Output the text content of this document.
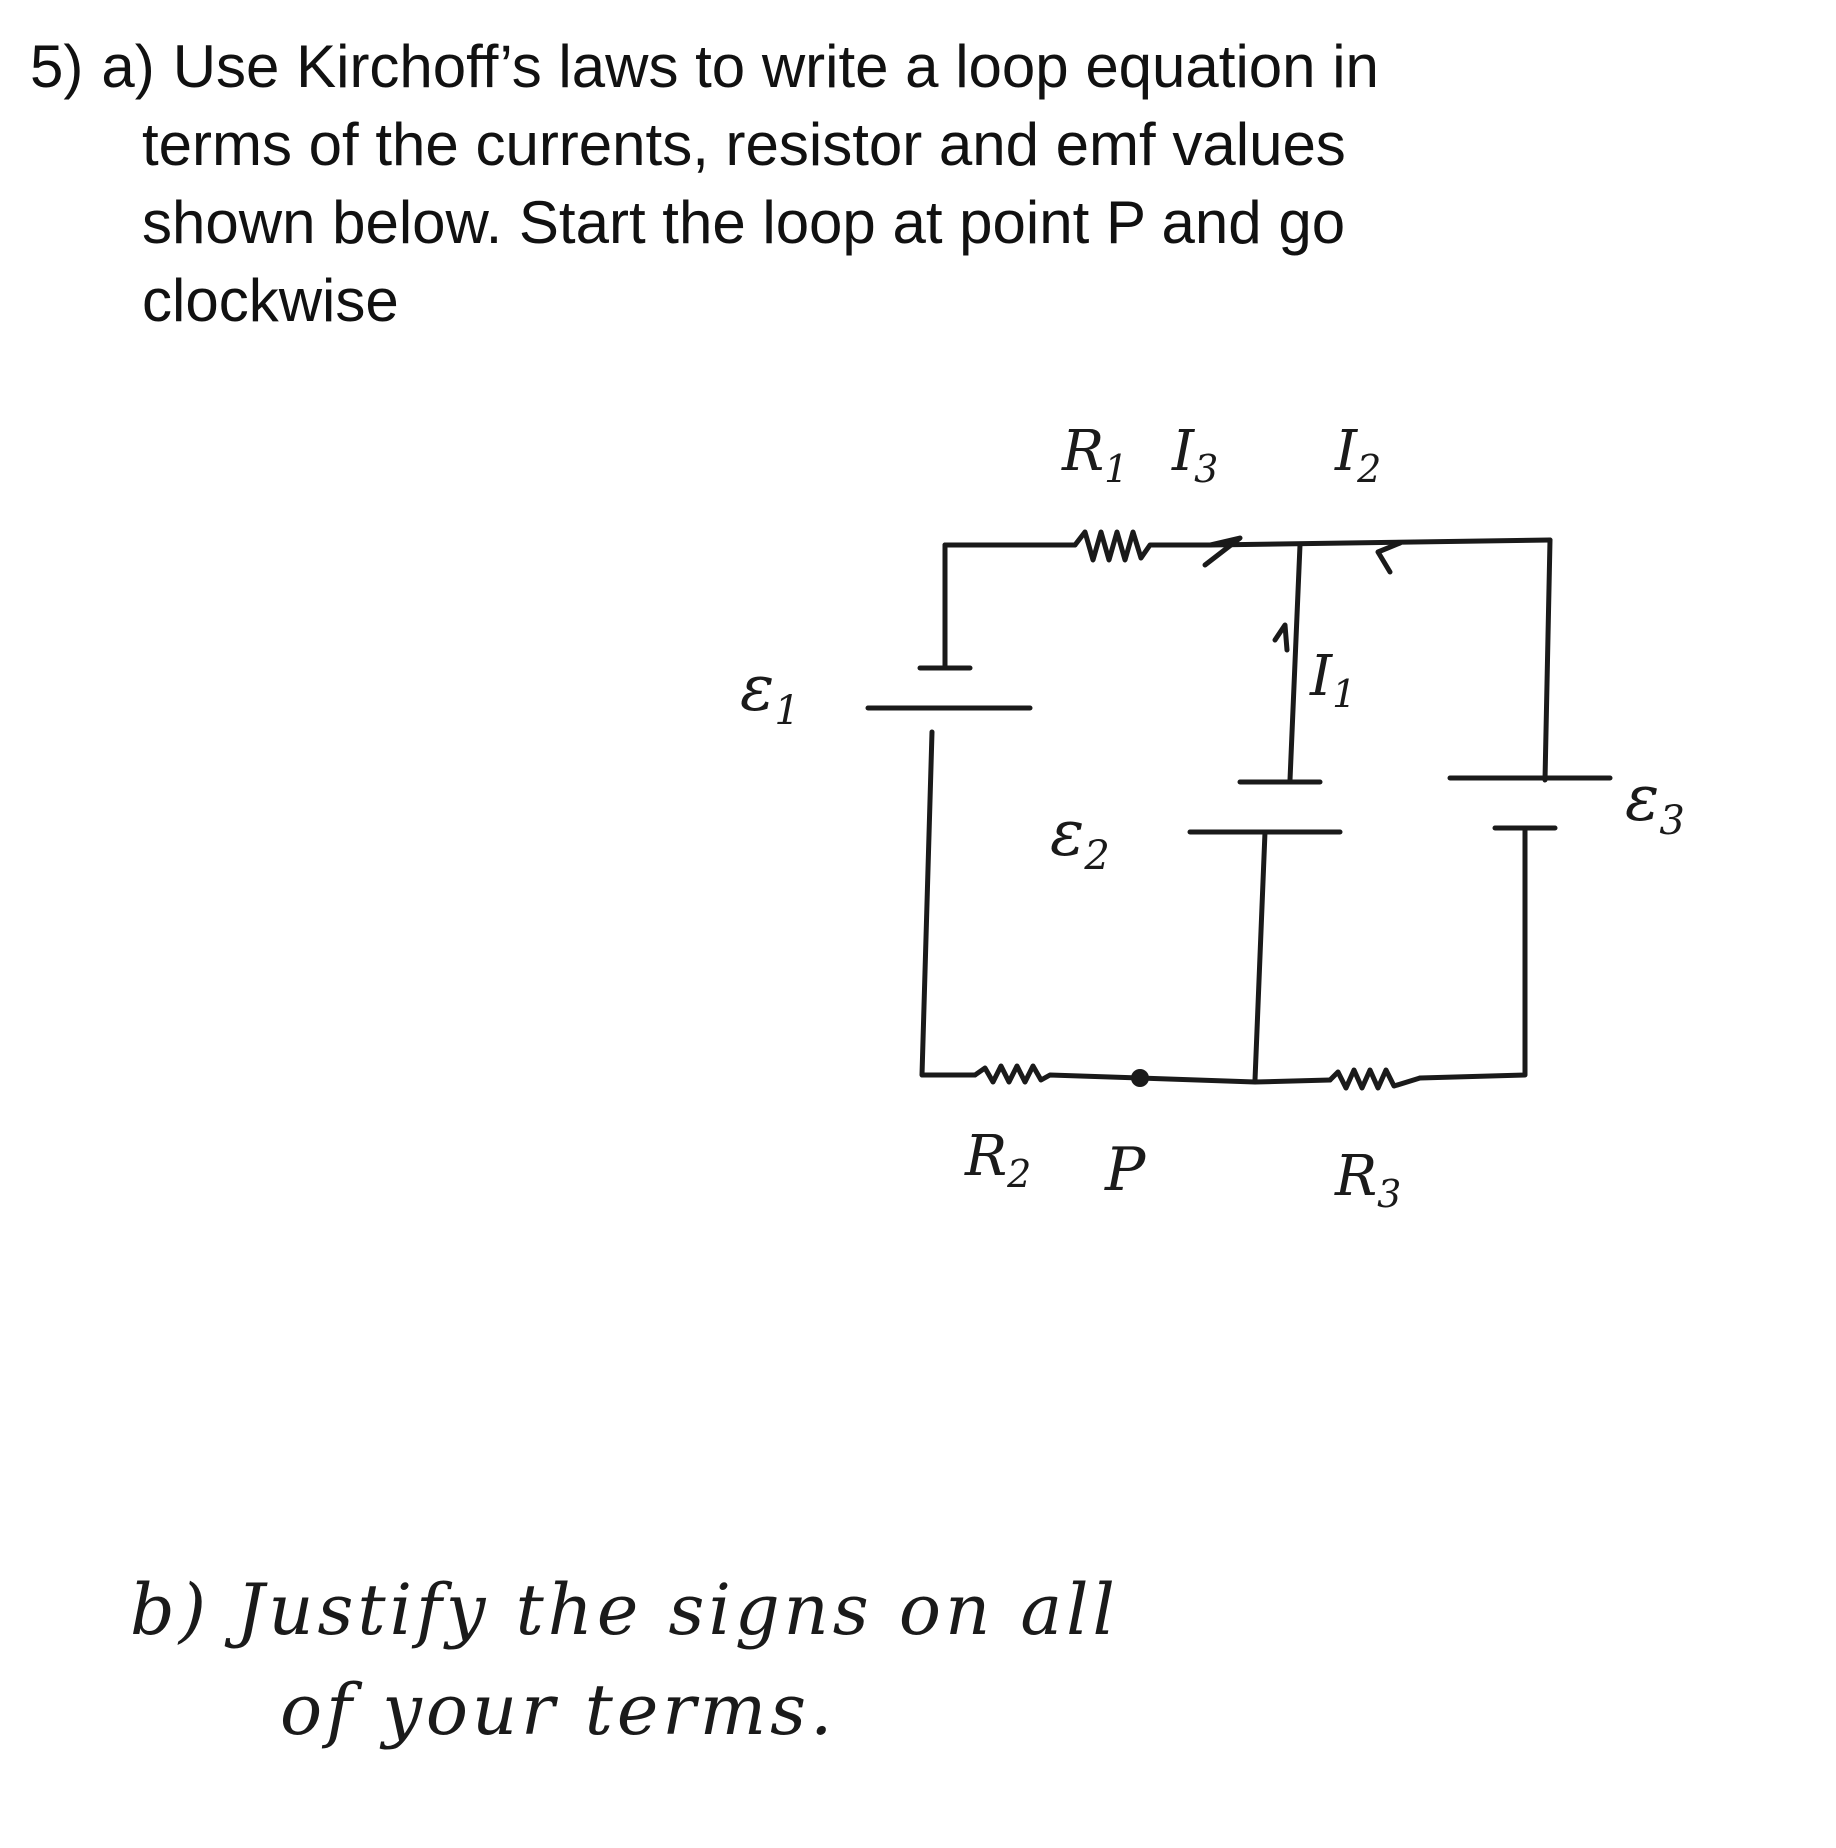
5) a) Use Kirchoff’s laws to write a loop equation in

terms of the currents, resistor and emf values

shown below. Start the loop at point P and go

clockwise

$R_1$ $I_3$ $I_2$
$I_1$
$\varepsilon_1$
$\varepsilon_2$
$\varepsilon_3$
$R_2$ P	$R_3$
b) Justify the signs on all
of your terms.
